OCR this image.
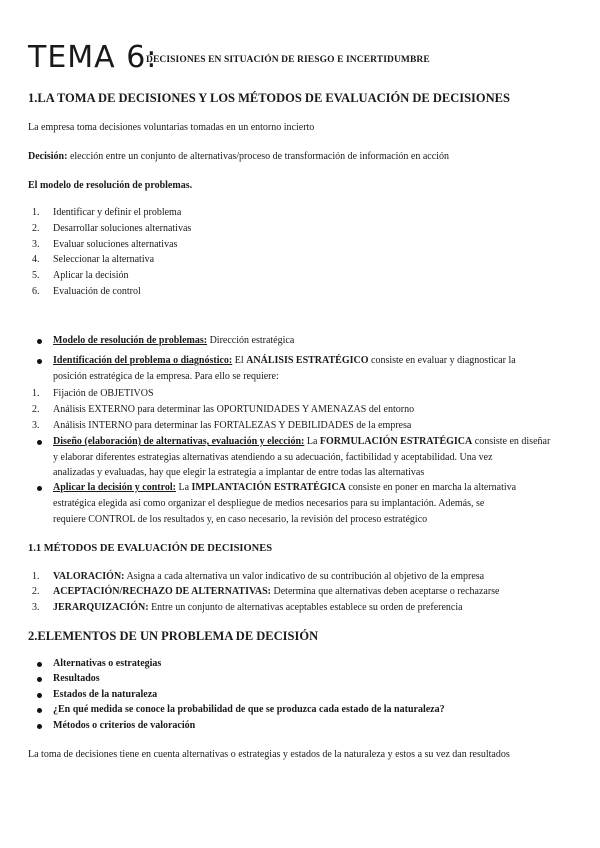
TEMA 6:
DECISIONES EN SITUACIÓN DE RIESGO E INCERTIDUMBRE
1.LA TOMA DE DECISIONES Y LOS MÉTODOS DE EVALUACIÓN DE DECISIONES
La empresa toma decisiones voluntarias tomadas en un entorno incierto
Decisión: elección entre un conjunto de alternativas/proceso de transformación de información en acción
El modelo de resolución de problemas.
1. Identificar y definir el problema
2. Desarrollar soluciones alternativas
3. Evaluar soluciones alternativas
4. Seleccionar la alternativa
5. Aplicar la decisión
6. Evaluación de control
Modelo de resolución de problemas: Dirección estratégica
Identificación del problema o diagnóstico: El ANÁLISIS ESTRATÉGICO consiste en evaluar y diagnosticar la
posición estratégica de la empresa. Para ello se requiere:
1. Fijación de OBJETIVOS
2. Análisis EXTERNO para determinar las OPORTUNIDADES Y AMENAZAS del entorno
3. Análisis INTERNO para determinar las FORTALEZAS Y DEBILIDADES de la empresa
Diseño (elaboración) de alternativas, evaluación y elección: La FORMULACIÓN ESTRATÉGICA consiste en diseñar
y elaborar diferentes estrategias alternativas atendiendo a su adecuación, factibilidad y aceptabilidad. Una vez
analizadas y evaluadas, hay que elegir la estrategia a implantar de entre todas las alternativas
Aplicar la decisión y control: La IMPLANTACIÓN ESTRATÉGICA consiste en poner en marcha la alternativa
estratégica elegida así como organizar el despliegue de medios necesarios para su implantación. Además, se
requiere CONTROL de los resultados y, en caso necesario, la revisión del proceso estratégico
1.1 MÉTODOS DE EVALUACIÓN DE DECISIONES
1. VALORACIÓN: Asigna a cada alternativa un valor indicativo de su contribución al objetivo de la empresa
2. ACEPTACIÓN/RECHAZO DE ALTERNATIVAS: Determina que alternativas deben aceptarse o rechazarse
3. JERARQUIZACIÓN: Entre un conjunto de alternativas aceptables establece su orden de preferencia
2.ELEMENTOS DE UN PROBLEMA DE DECISIÓN
Alternativas o estrategias
Resultados
Estados de la naturaleza
¿En qué medida se conoce la probabilidad de que se produzca cada estado de la naturaleza?
Métodos o criterios de valoración
La toma de decisiones tiene en cuenta alternativas o estrategias y estados de la naturaleza y estos a su vez dan resultados
